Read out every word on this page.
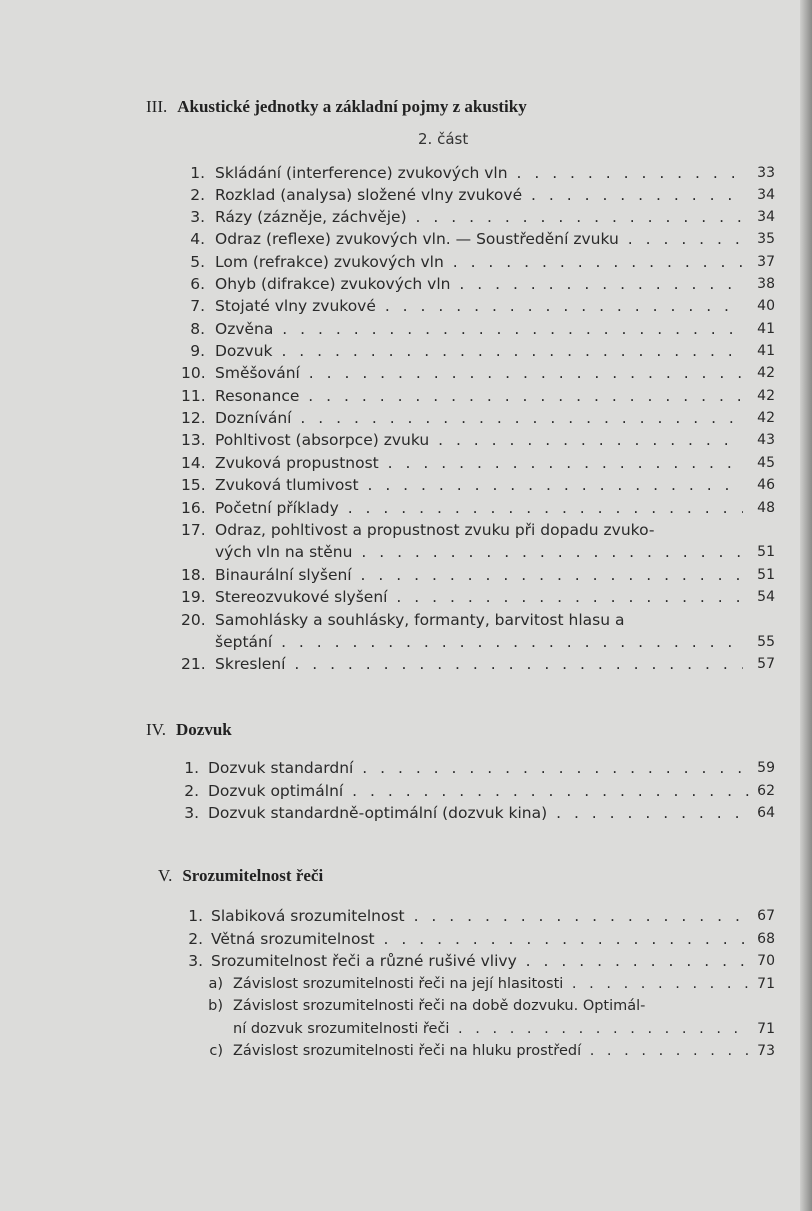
III. Akustické jednotky a základní pojmy z akustiky
2. část
1. Skládání (interference) zvukových vln . . .	33
2. Rozklad (analysa) složené vlny zvukové . . .	34
3. Rázy (zázněje, záchvěje) . . .	34
4. Odraz (reflexe) zvukových vln. — Soustředění zvuku . . .	35
5. Lom (refrakce) zvukových vln . . .	37
6. Ohyb (difrakce) zvukových vln . . .	38
7. Stojaté vlny zvukové . . .	40
8. Ozvěna . . .	41
9. Dozvuk . . .	41
10. Směšování . . .	42
11. Resonance . . .	42
12. Doznívání . . .	42
13. Pohltivost (absorpce) zvuku . . .	43
14. Zvuková propustnost . . .	45
15. Zvuková tlumivost . . .	46
16. Početní příklady . . .	48
17. Odraz, pohltivost a propustnost zvuku při dopadu zvuko-
vých vln na stěnu . . .	51
18. Binaurální slyšení . . .	51
19. Stereozvukové slyšení . . .	54
20. Samohlásky a souhlásky, formanty, barvitost hlasu a
šeptání . . .	55
21. Skreslení . . .	57
IV. Dozvuk
1. Dozvuk standardní . . .	59
2. Dozvuk optimální . . .	62
3. Dozvuk standardně-optimální (dozvuk kina) . . .	64
V. Srozumitelnost řeči
1. Slabiková srozumitelnost . . .	67
2. Větná srozumitelnost . . .	68
3. Srozumitelnost řeči a různé rušivé vlivy . . .	70
a) Závislost srozumitelnosti řeči na její hlasitosti . . .	71
b) Závislost srozumitelnosti řeči na době dozvuku. Optimál-
ní dozvuk srozumitelnosti řeči . . .	71
c) Závislost srozumitelnosti řeči na hluku prostředí . . .	73
